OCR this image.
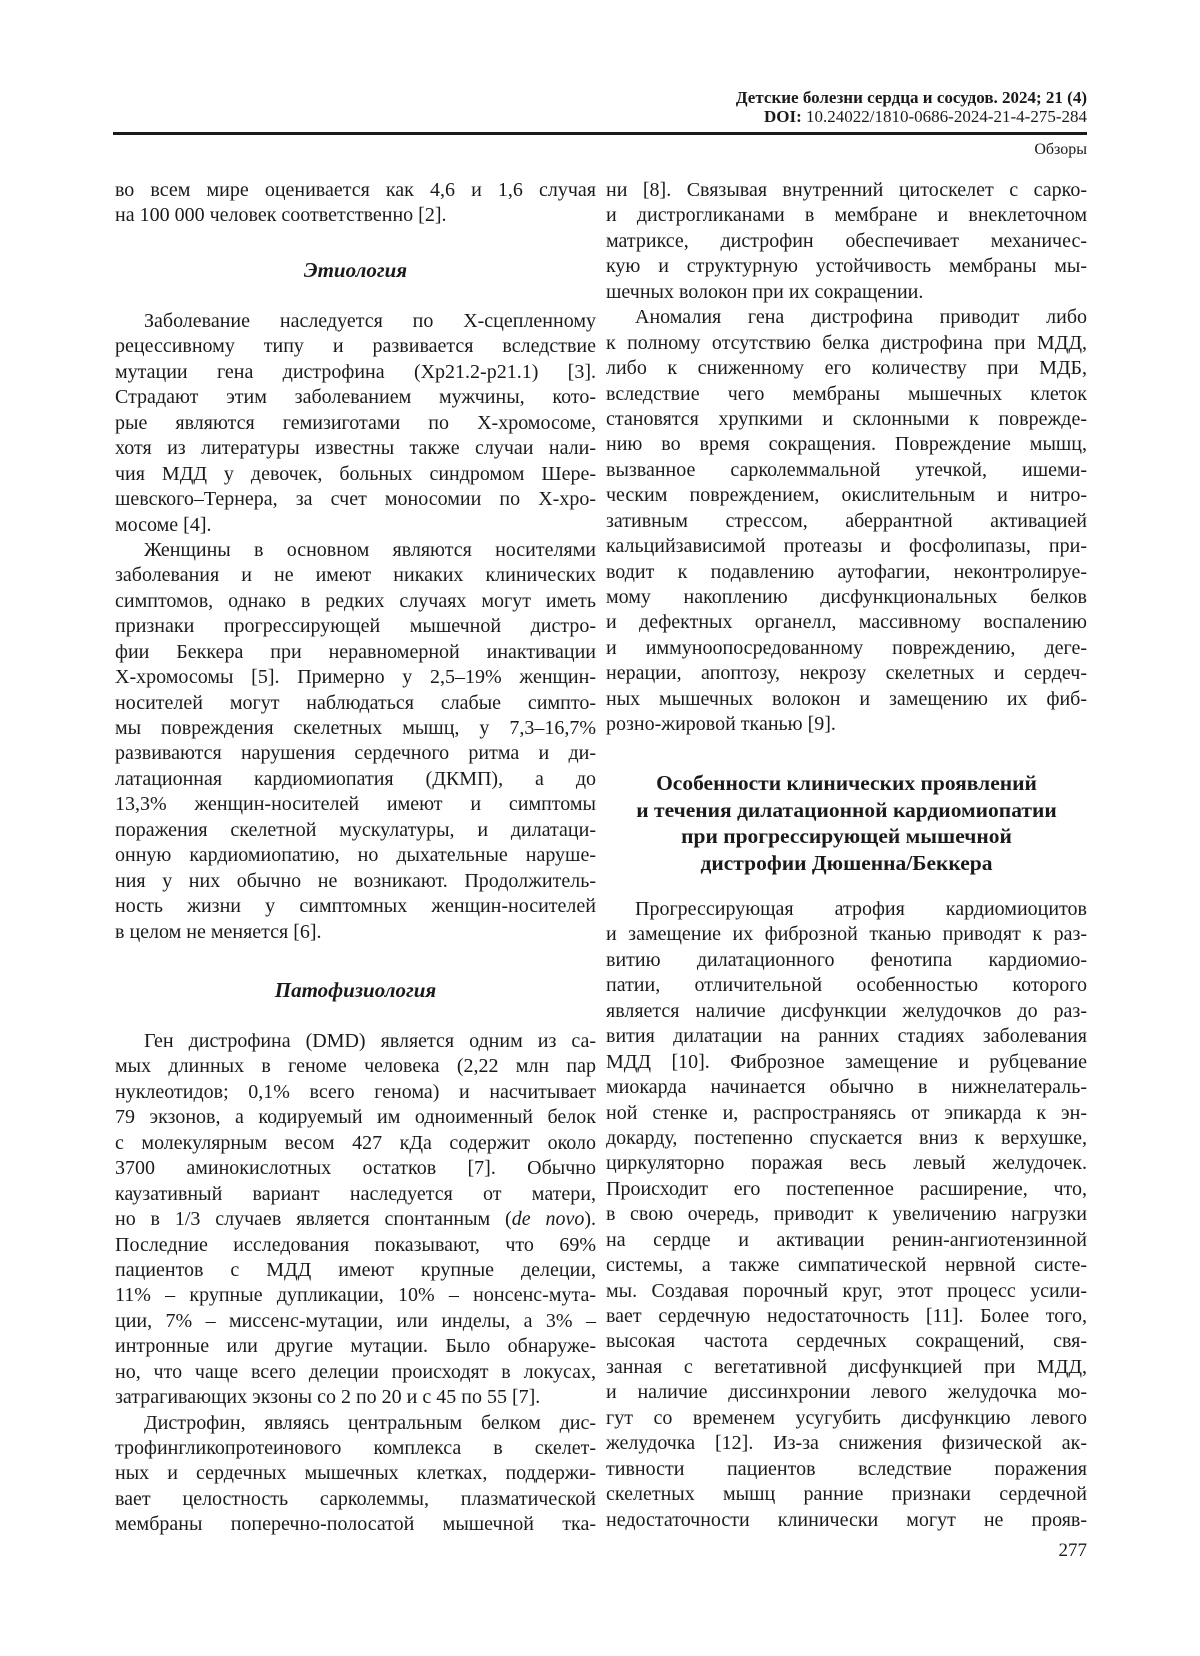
Детские болезни сердца и сосудов. 2024; 21 (4)
DOI: 10.24022/1810-0686-2024-21-4-275-284
Обзоры
во всем мире оценивается как 4,6 и 1,6 случая
на 100 000 человек соответственно [2].
Этиология
Заболевание наследуется по Х-сцепленному
рецессивному типу и развивается вследствие
мутации гена дистрофина (Xp21.2-p21.1) [3].
Страдают этим заболеванием мужчины, кото-
рые являются гемизиготами по Х-хромосоме,
хотя из литературы известны также случаи нали-
чия МДД у девочек, больных синдромом Шере-
шевского–Тернера, за счет моносомии по Х-хро-
мосоме [4].
Женщины в основном являются носителями
заболевания и не имеют никаких клинических
симптомов, однако в редких случаях могут иметь
признаки прогрессирующей мышечной дистро-
фии Беккера при неравномерной инактивации
Х-хромосомы [5]. Примерно у 2,5–19% женщин-
носителей могут наблюдаться слабые симпто-
мы повреждения скелетных мышц, у 7,3–16,7%
развиваются нарушения сердечного ритма и ди-
латационная кардиомиопатия (ДКМП), а до
13,3% женщин-носителей имеют и симптомы
поражения скелетной мускулатуры, и дилатаци-
онную кардиомиопатию, но дыхательные наруше-
ния у них обычно не возникают. Продолжитель-
ность жизни у симптомных женщин-носителей
в целом не меняется [6].
Патофизиология
Ген дистрофина (DMD) является одним из са-
мых длинных в геноме человека (2,22 млн пар
нуклеотидов; 0,1% всего генома) и насчитывает
79 экзонов, а кодируемый им одноименный белок
с молекулярным весом 427 кДа содержит около
3700 аминокислотных остатков [7]. Обычно
каузативный вариант наследуется от матери,
но в 1/3 случаев является спонтанным (de novo).
Последние исследования показывают, что 69%
пациентов с МДД имеют крупные делеции,
11% – крупные дупликации, 10% – нонсенс-мута-
ции, 7% – миссенс-мутации, или инделы, а 3% –
интронные или другие мутации. Было обнаруже-
но, что чаще всего делеции происходят в локусах,
затрагивающих экзоны со 2 по 20 и с 45 по 55 [7].
Дистрофин, являясь центральным белком дис-
трофингликопротеинового комплекса в скелет-
ных и сердечных мышечных клетках, поддержи-
вает целостность сарколеммы, плазматической
мембраны поперечно-полосатой мышечной тка-
ни [8]. Связывая внутренний цитоскелет с сарко-
и дистрогликанами в мембране и внеклеточном
матриксе, дистрофин обеспечивает механичес-
кую и структурную устойчивость мембраны мы-
шечных волокон при их сокращении.
Аномалия гена дистрофина приводит либо
к полному отсутствию белка дистрофина при МДД,
либо к сниженному его количеству при МДБ,
вследствие чего мембраны мышечных клеток
становятся хрупкими и склонными к поврежде-
нию во время сокращения. Повреждение мышц,
вызванное сарколеммальной утечкой, ишеми-
ческим повреждением, окислительным и нитро-
зативным стрессом, аберрантной активацией
кальцийзависимой протеазы и фосфолипазы, при-
водит к подавлению аутофагии, неконтролируе-
мому накоплению дисфункциональных белков
и дефектных органелл, массивному воспалению
и иммуноопосредованному повреждению, деге-
нерации, апоптозу, некрозу скелетных и сердеч-
ных мышечных волокон и замещению их фиб-
розно-жировой тканью [9].
Особенности клинических проявлений
и течения дилатационной кардиомиопатии
при прогрессирующей мышечной
дистрофии Дюшенна/Беккера
Прогрессирующая атрофия кардиомиоцитов
и замещение их фиброзной тканью приводят к раз-
витию дилатационного фенотипа кардиомио-
патии, отличительной особенностью которого
является наличие дисфункции желудочков до раз-
вития дилатации на ранних стадиях заболевания
МДД [10]. Фиброзное замещение и рубцевание
миокарда начинается обычно в нижнелатераль-
ной стенке и, распространяясь от эпикарда к эн-
докарду, постепенно спускается вниз к верхушке,
циркуляторно поражая весь левый желудочек.
Происходит его постепенное расширение, что,
в свою очередь, приводит к увеличению нагрузки
на сердце и активации ренин-ангиотензинной
системы, а также симпатической нервной систе-
мы. Создавая порочный круг, этот процесс усили-
вает сердечную недостаточность [11]. Более того,
высокая частота сердечных сокращений, свя-
занная с вегетативной дисфункцией при МДД,
и наличие диссинхронии левого желудочка мо-
гут со временем усугубить дисфункцию левого
желудочка [12]. Из-за снижения физической ак-
тивности пациентов вследствие поражения
скелетных мышц ранние признаки сердечной
недостаточности клинически могут не прояв-
277
